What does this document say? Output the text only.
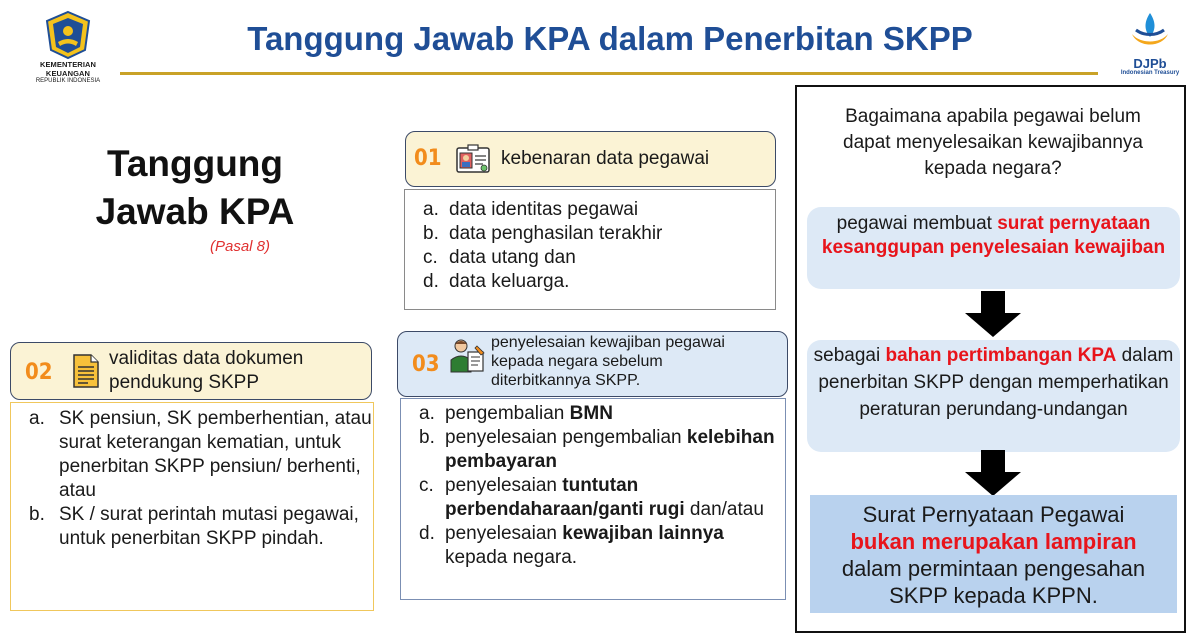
KEMENTERIAN KEUANGAN
REPUBLIK INDONESIA
Tanggung Jawab KPA dalam Penerbitan SKPP
DJPb
Indonesian Treasury
Tanggung
Jawab KPA
(Pasal 8)
01	kebenaran data pegawai
a. data identitas pegawai
b. data penghasilan terakhir
c. data utang dan
d. data keluarga.
02
validitas data dokumen
pendukung SKPP
a. SK pensiun, SK pemberhentian, atau surat keterangan kematian, untuk penerbitan SKPP pensiun/ berhenti, atau
b. SK / surat perintah mutasi pegawai, untuk penerbitan SKPP pindah.
03
penyelesaian kewajiban pegawai
kepada negara sebelum
diterbitkannya SKPP.
a. pengembalian BMN
b. penyelesaian pengembalian kelebihan pembayaran
c. penyelesaian tuntutan perbendaharaan/ganti rugi dan/atau
d. penyelesaian kewajiban lainnya kepada negara.
Bagaimana apabila pegawai belum dapat menyelesaikan kewajibannya kepada negara?
pegawai membuat surat pernyataan kesanggupan penyelesaian kewajiban
sebagai bahan pertimbangan KPA dalam penerbitan SKPP dengan memperhatikan peraturan perundang-undangan
Surat Pernyataan Pegawai
bukan merupakan lampiran
dalam permintaan pengesahan SKPP kepada KPPN.
